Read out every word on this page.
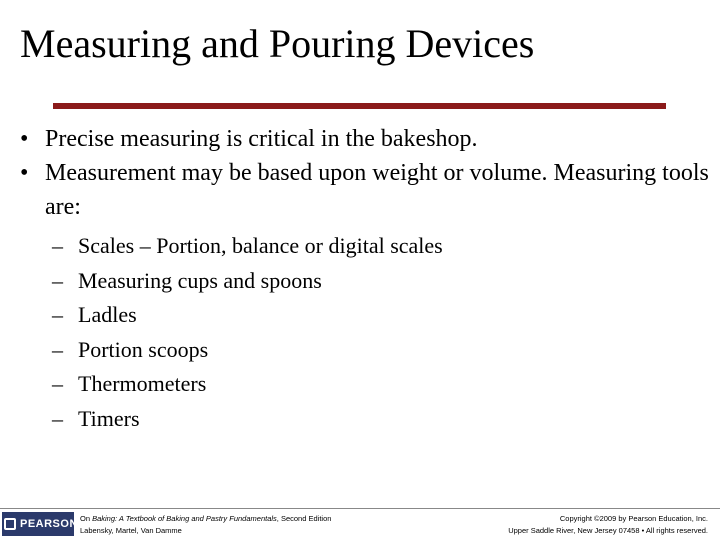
Measuring and Pouring Devices
• Precise measuring is critical in the bakeshop.
• Measurement may be based upon weight or volume. Measuring tools are:
– Scales – Portion, balance or digital scales
– Measuring cups and spoons
– Ladles
– Portion scoops
– Thermometers
– Timers
PEARSON On Baking: A Textbook of Baking and Pastry Fundamentals, Second Edition
Labensky, Martel, Van Damme
Copyright ©2009 by Pearson Education, Inc.
Upper Saddle River, New Jersey 07458 • All rights reserved.
